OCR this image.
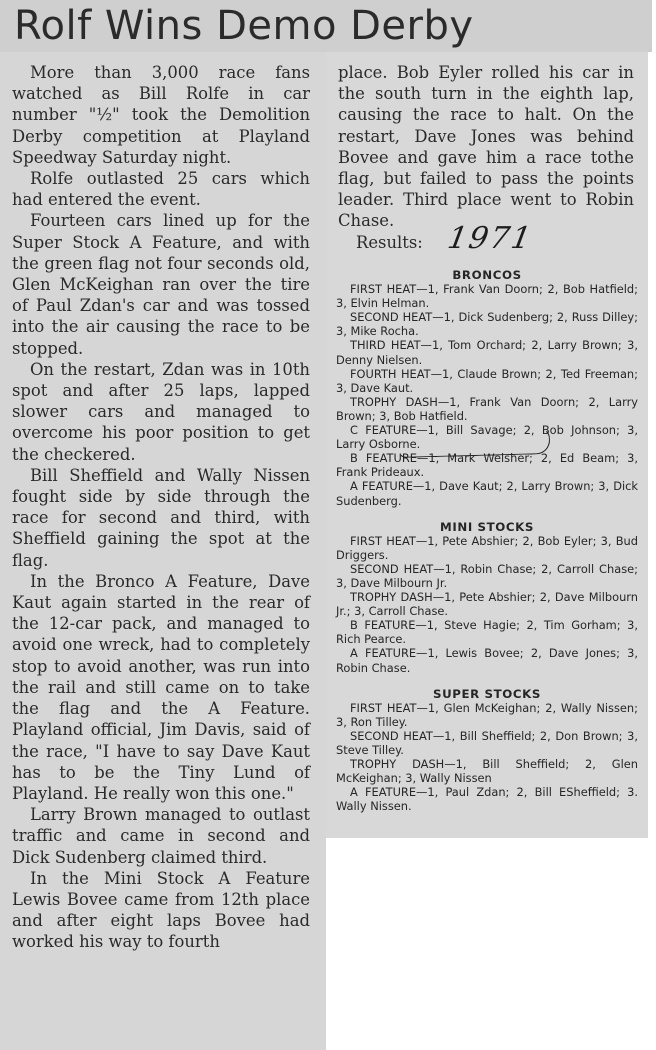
Rolf Wins Demo Derby

More than 3,000 race fans watched as Bill Rolfe in car number "½" took the Demolition Derby competition at Playland Speedway Saturday night.

Rolfe outlasted 25 cars which had entered the event.

Fourteen cars lined up for the Super Stock A Feature, and with the green flag not four seconds old, Glen McKeighan ran over the tire of Paul Zdan's car and was tossed into the air causing the race to be stopped.

On the restart, Zdan was in 10th spot and after 25 laps, lapped slower cars and managed to overcome his poor position to get the checkered.

Bill Sheffield and Wally Nissen fought side by side through the race for second and third, with Sheffield gaining the spot at the flag.

In the Bronco A Feature, Dave Kaut again started in the rear of the 12-car pack, and managed to avoid one wreck, had to completely stop to avoid another, was run into the rail and still came on to take the flag and the A Feature. Playland official, Jim Davis, said of the race, "I have to say Dave Kaut has to be the Tiny Lund of Playland. He really won this one."

Larry Brown managed to outlast traffic and came in second and Dick Sudenberg claimed third.

In the Mini Stock A Feature Lewis Bovee came from 12th place and after eight laps Bovee had worked his way to fourth

place. Bob Eyler rolled his car in the south turn in the eighth lap, causing the race to halt. On the restart, Dave Jones was behind Bovee and gave him a race tothe flag, but failed to pass the points leader. Third place went to Robin Chase.

Results: 1971

BRONCOS

FIRST HEAT—1, Frank Van Doorn; 2, Bob Hatfield; 3, Elvin Helman.

SECOND HEAT—1, Dick Sudenberg; 2, Russ Dilley; 3, Mike Rocha.

THIRD HEAT—1, Tom Orchard; 2, Larry Brown; 3, Denny Nielsen.

FOURTH HEAT—1, Claude Brown; 2, Ted Freeman; 3, Dave Kaut.

TROPHY DASH—1, Frank Van Doorn; 2, Larry Brown; 3, Bob Hatfield.

C FEATURE—1, Bill Savage; 2, Bob Johnson; 3, Larry Osborne.

B FEATURE—1, Mark Welsher; 2, Ed Beam; 3, Frank Prideaux.

A FEATURE—1, Dave Kaut; 2, Larry Brown; 3, Dick Sudenberg.

MINI STOCKS

FIRST HEAT—1, Pete Abshier; 2, Bob Eyler; 3, Bud Driggers.

SECOND HEAT—1, Robin Chase; 2, Carroll Chase; 3, Dave Milbourn Jr.

TROPHY DASH—1, Pete Abshier; 2, Dave Milbourn Jr.; 3, Carroll Chase.

B FEATURE—1, Steve Hagie; 2, Tim Gorham; 3, Rich Pearce.

A FEATURE—1, Lewis Bovee; 2, Dave Jones; 3, Robin Chase.

SUPER STOCKS

FIRST HEAT—1, Glen McKeighan; 2, Wally Nissen; 3, Ron Tilley.

SECOND HEAT—1, Bill Sheffield; 2, Don Brown; 3, Steve Tilley.

TROPHY DASH—1, Bill Sheffield; 2, Glen McKeighan; 3, Wally Nissen

A FEATURE—1, Paul Zdan; 2, Bill ESheffield; 3. Wally Nissen.
